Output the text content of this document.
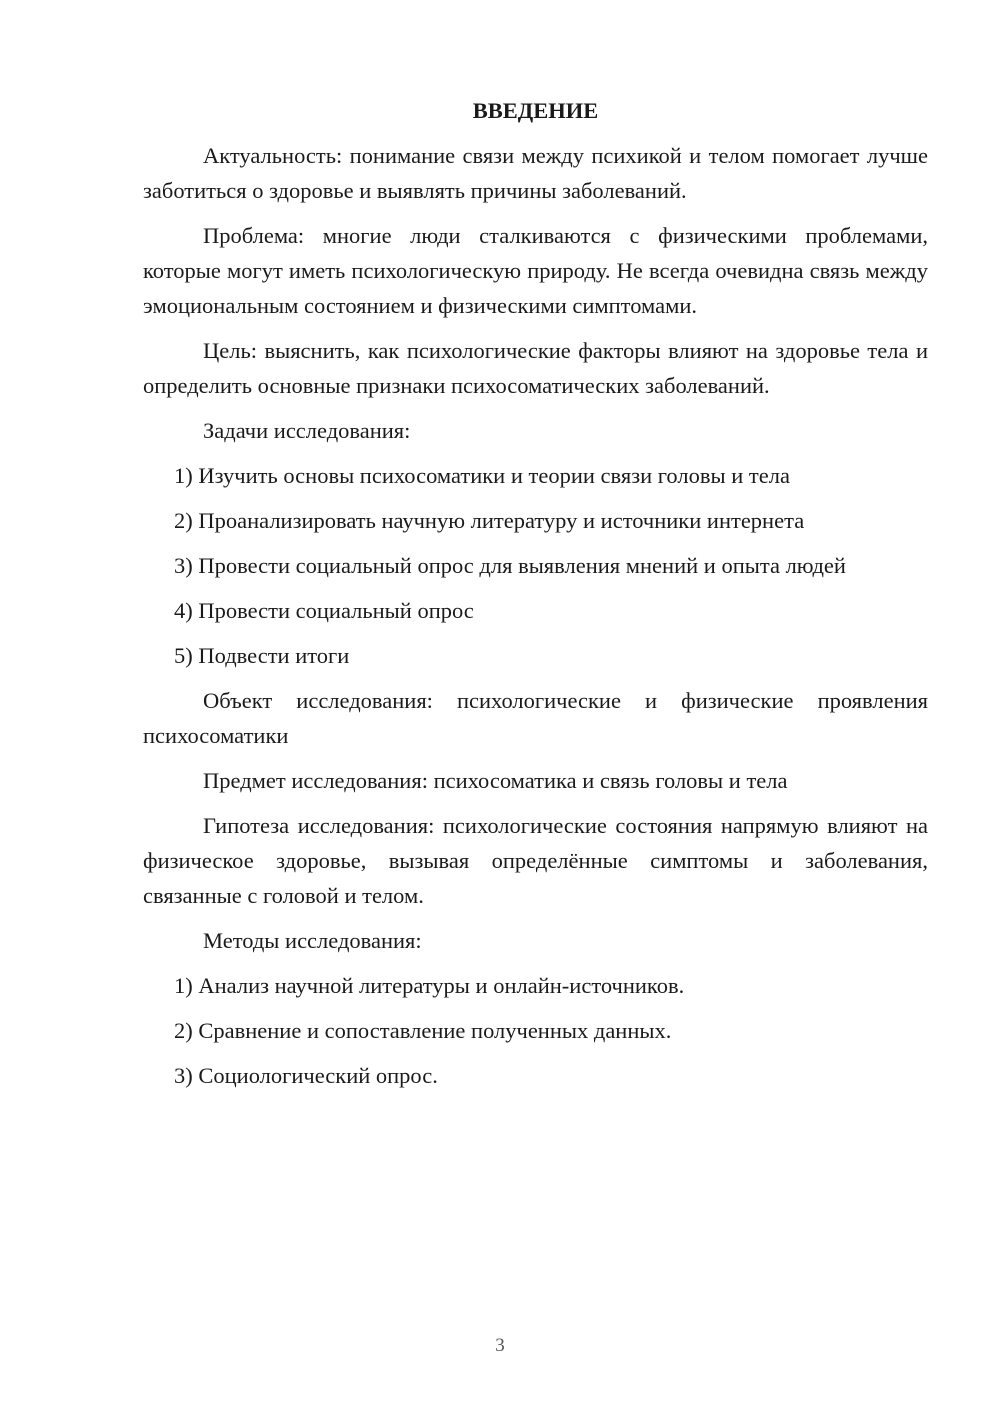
ВВЕДЕНИЕ

Актуальность: понимание связи между психикой и телом помогает лучше заботиться о здоровье и выявлять причины заболеваний.

Проблема: многие люди сталкиваются с физическими проблемами, которые могут иметь психологическую природу. Не всегда очевидна связь между эмоциональным состоянием и физическими симптомами.

Цель: выяснить, как психологические факторы влияют на здоровье тела и определить основные признаки психосоматических заболеваний.

Задачи исследования:

1) Изучить основы психосоматики и теории связи головы и тела
2) Проанализировать научную литературу и источники интернета
3) Провести социальный опрос для выявления мнений и опыта людей
4) Провести социальный опрос
5) Подвести итоги

Объект исследования: психологические и физические проявления психосоматики

Предмет исследования: психосоматика и связь головы и тела

Гипотеза исследования: психологические состояния напрямую влияют на физическое здоровье, вызывая определённые симптомы и заболевания, связанные с головой и телом.

Методы исследования:

1) Анализ научной литературы и онлайн-источников.
2) Сравнение и сопоставление полученных данных.
3) Социологический опрос.
3
